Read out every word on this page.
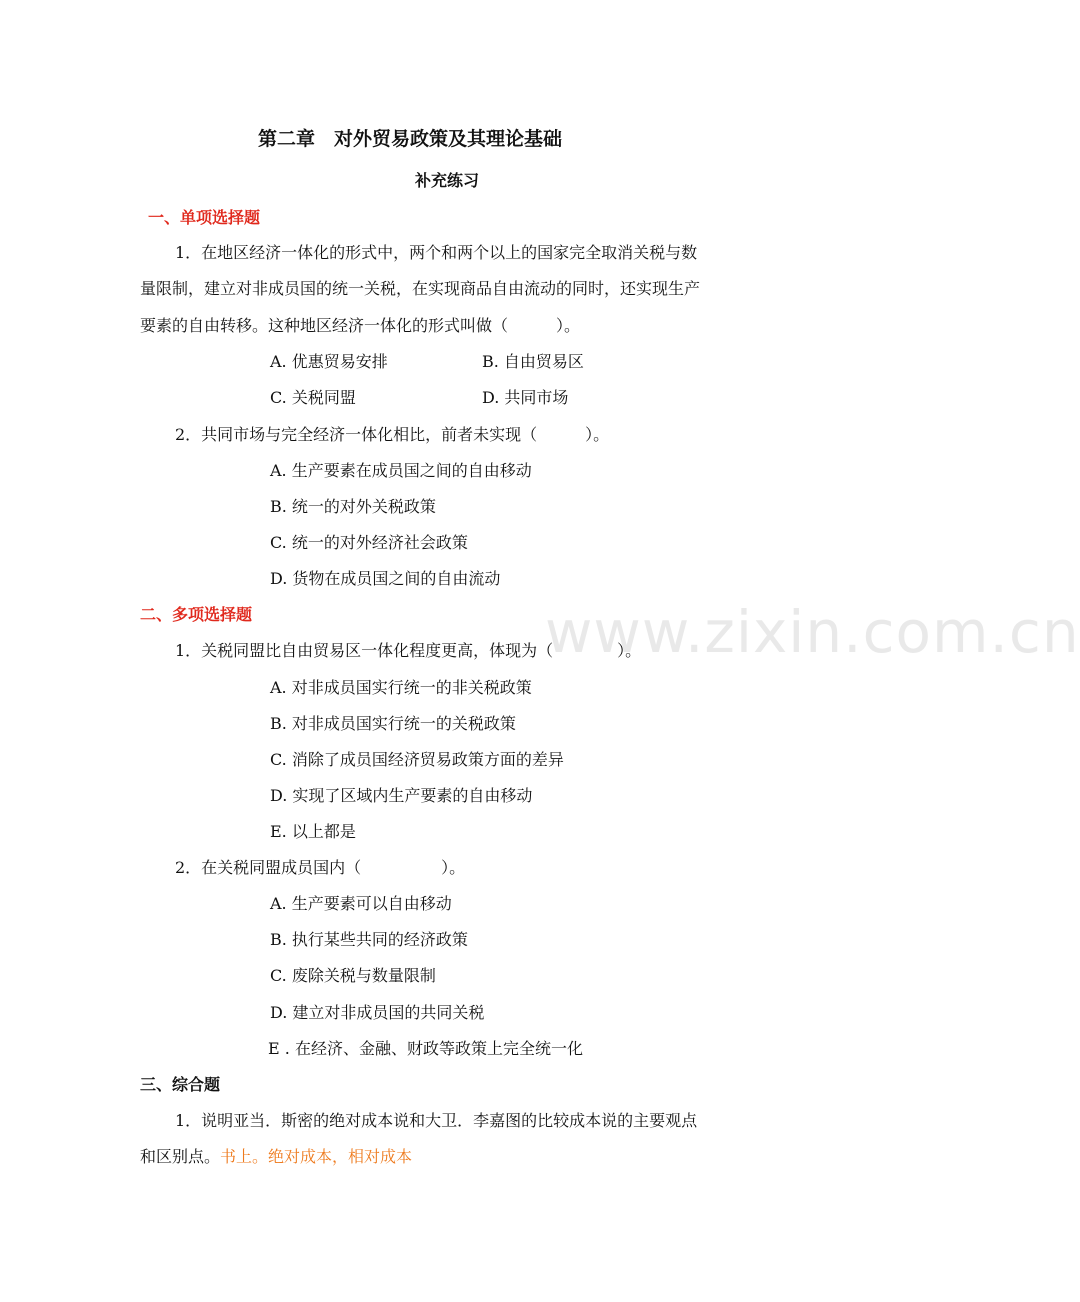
www.zixin.com.cn
第二章　对外贸易政策及其理论基础
补充练习
一、单项选择题
1．在地区经济一体化的形式中，两个和两个以上的国家完全取消关税与数
量限制，建立对非成员国的统一关税，在实现商品自由流动的同时，还实现生产
要素的自由转移。这种地区经济一体化的形式叫做（　　　）。
A. 优惠贸易安排	B. 自由贸易区
C. 关税同盟	D. 共同市场
2．共同市场与完全经济一体化相比，前者未实现（　　　）。
A. 生产要素在成员国之间的自由移动
B. 统一的对外关税政策
C. 统一的对外经济社会政策
D. 货物在成员国之间的自由流动
二、多项选择题
1．关税同盟比自由贸易区一体化程度更高，体现为（　　　　）。
A. 对非成员国实行统一的非关税政策
B. 对非成员国实行统一的关税政策
C. 消除了成员国经济贸易政策方面的差异
D. 实现了区域内生产要素的自由移动
E. 以上都是
2．在关税同盟成员国内（　　　　　）。
A. 生产要素可以自由移动
B. 执行某些共同的经济政策
C. 废除关税与数量限制
D. 建立对非成员国的共同关税
E . 在经济、金融、财政等政策上完全统一化
三、综合题
1．说明亚当．斯密的绝对成本说和大卫．李嘉图的比较成本说的主要观点
和区别点。书上。绝对成本，相对成本
